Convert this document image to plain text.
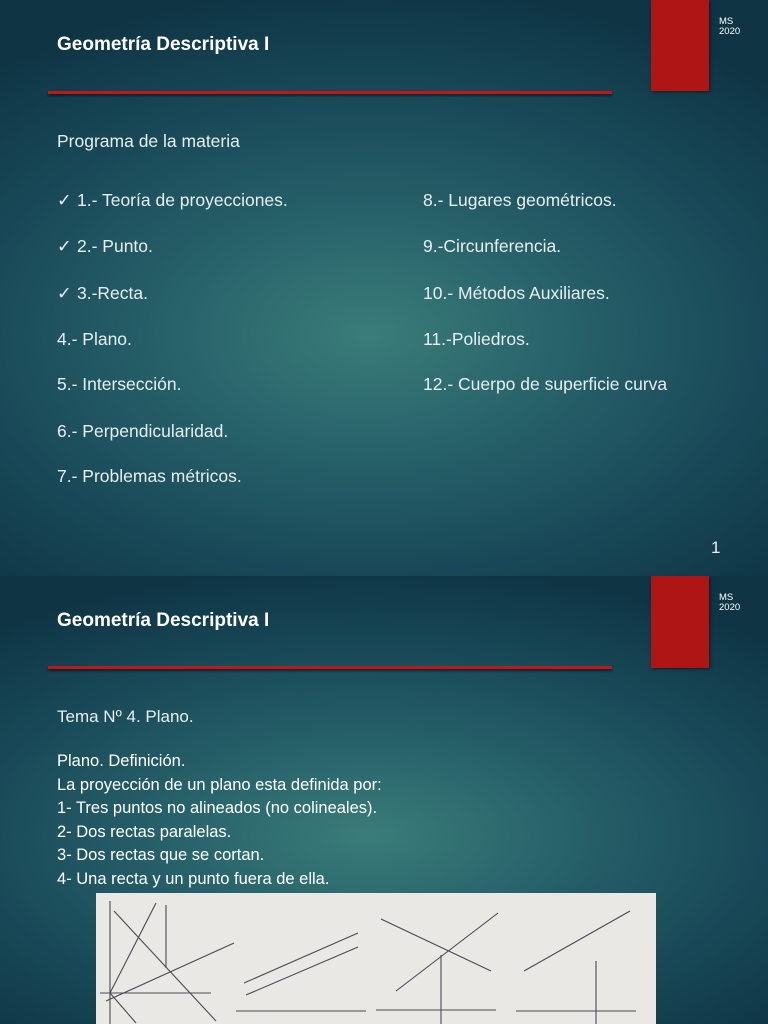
Geometría Descriptiva I
MS
2020
Programa de la materia
✓ 1.- Teoría de proyecciones.
✓ 2.- Punto.
✓ 3.-Recta.
4.- Plano.
5.- Intersección.
6.- Perpendicularidad.
7.- Problemas métricos.
8.- Lugares geométricos.
9.-Circunferencia.
10.- Métodos Auxiliares.
11.-Poliedros.
12.- Cuerpo de superficie curva
1
MS
2020
Geometría Descriptiva I
Tema Nº 4. Plano.
Plano. Definición.
La proyección de un plano esta definida por:
1- Tres puntos no alineados (no colineales).
2- Dos rectas paralelas.
3- Dos rectas que se cortan.
4- Una recta y un punto fuera de ella.
